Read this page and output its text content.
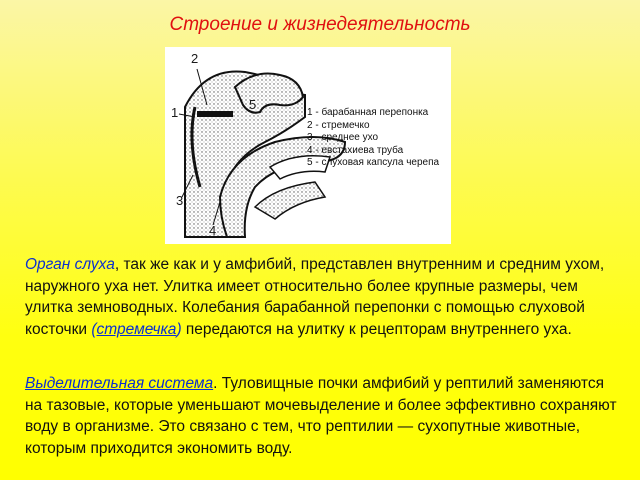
Строение и жизнедеятельность
2
5
1
3
4
1 - барабанная перепонка
2 - стремечко
3 - среднее ухо
4 - евстахиева труба
5 - слуховая капсула черепа

Орган слуха, так же как и у амфибий, представлен внутренним и средним ухом, наружного уха нет. Улитка имеет относительно более крупные размеры, чем улитка земноводных. Колебания барабанной перепонки с помощью слуховой косточки (стремечка) передаются на улитку к рецепторам внутреннего уха.

Выделительная система. Туловищные почки амфибий у рептилий заменяются на тазовые, которые уменьшают мочевыделение и более эффективно сохраняют воду в организме. Это связано с тем, что рептилии — сухопутные животные, которым приходится экономить воду.
